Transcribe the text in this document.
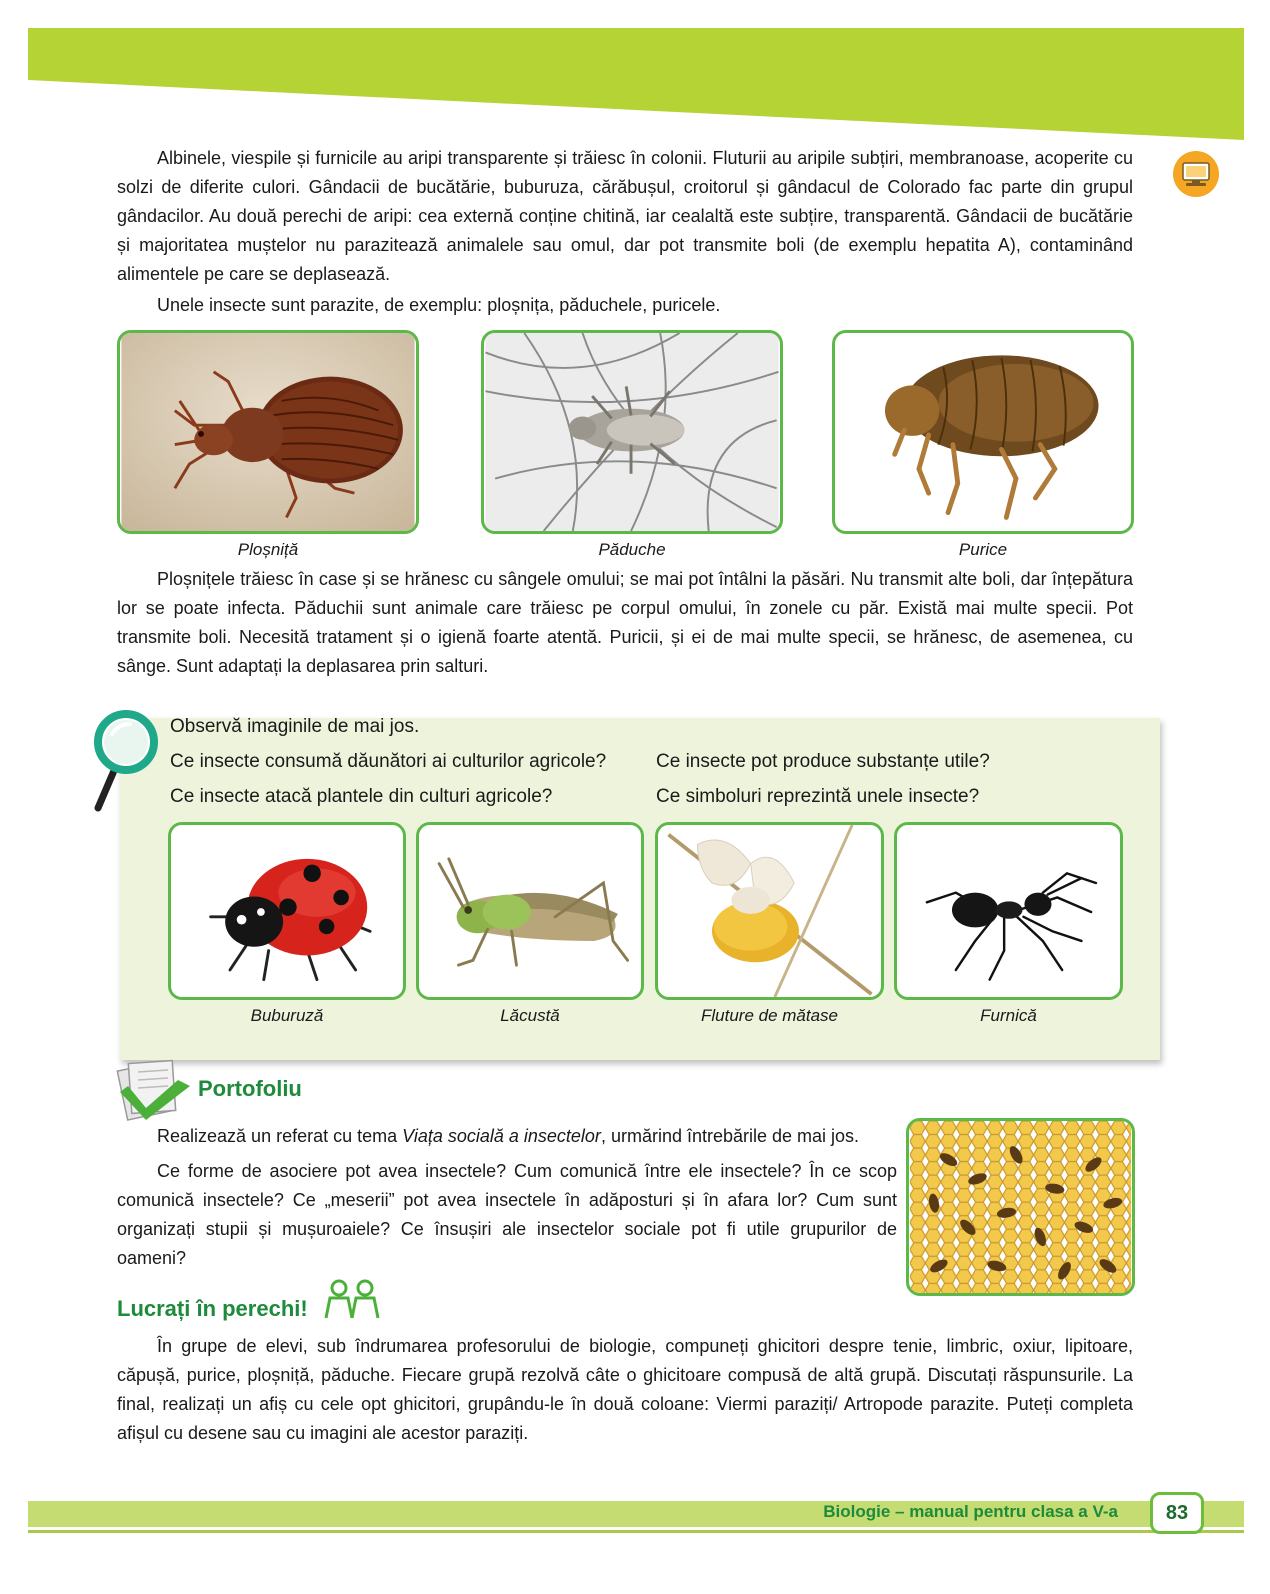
Albinele, viespile și furnicile au aripi transparente și trăiesc în colonii. Fluturii au aripile subțiri, membranoase, acoperite cu solzi de diferite culori. Gândacii de bucătărie, buburuza, cărăbușul, croitorul și gândacul de Colorado fac parte din grupul gândacilor. Au două perechi de aripi: cea externă conține chitină, iar cealaltă este subțire, transparentă. Gândacii de bucătărie și majoritatea muștelor nu parazitează animalele sau omul, dar pot transmite boli (de exemplu hepatita A), contaminând alimentele pe care se deplasează.

Unele insecte sunt parazite, de exemplu: ploșnița, păduchele, puricele.

Ploșniță	Păduche	Purice

Ploșnițele trăiesc în case și se hrănesc cu sângele omului; se mai pot întâlni la păsări. Nu transmit alte boli, dar înțepătura lor se poate infecta. Păduchii sunt animale care trăiesc pe corpul omului, în zonele cu păr. Există mai multe specii. Pot transmite boli. Necesită tratament și o igienă foarte atentă. Puricii, și ei de mai multe specii, se hrănesc, de asemenea, cu sânge. Sunt adaptați la deplasarea prin salturi.

Observă imaginile de mai jos.
Ce insecte consumă dăunători ai culturilor agricole?	Ce insecte pot produce substanțe utile?
Ce insecte atacă plantele din culturi agricole?	Ce simboluri reprezintă unele insecte?
Buburuză	Lăcustă	Fluture de mătase	Furnică
Portofoliu

Realizează un referat cu tema Viața socială a insectelor, urmărind întrebările de mai jos.

Ce forme de asociere pot avea insectele? Cum comunică între ele insectele? În ce scop comunică insectele? Ce „meserii” pot avea insectele în adăposturi și în afara lor? Cum sunt organizați stupii și mușuroaiele? Ce însușiri ale insectelor sociale pot fi utile grupurilor de oameni?

Lucrați în perechi!

În grupe de elevi, sub îndrumarea profesorului de biologie, compuneți ghicitori despre tenie, limbric, oxiur, lipitoare, căpușă, purice, ploșniță, păduche. Fiecare grupă rezolvă câte o ghicitoare compusă de altă grupă. Discutați răspunsurile. La final, realizați un afiș cu cele opt ghicitori, grupându-le în două coloane: Viermi paraziți/ Artropode parazite. Puteți completa afișul cu desene sau cu imagini ale acestor paraziți.

Biologie – manual pentru clasa a V-a	83
